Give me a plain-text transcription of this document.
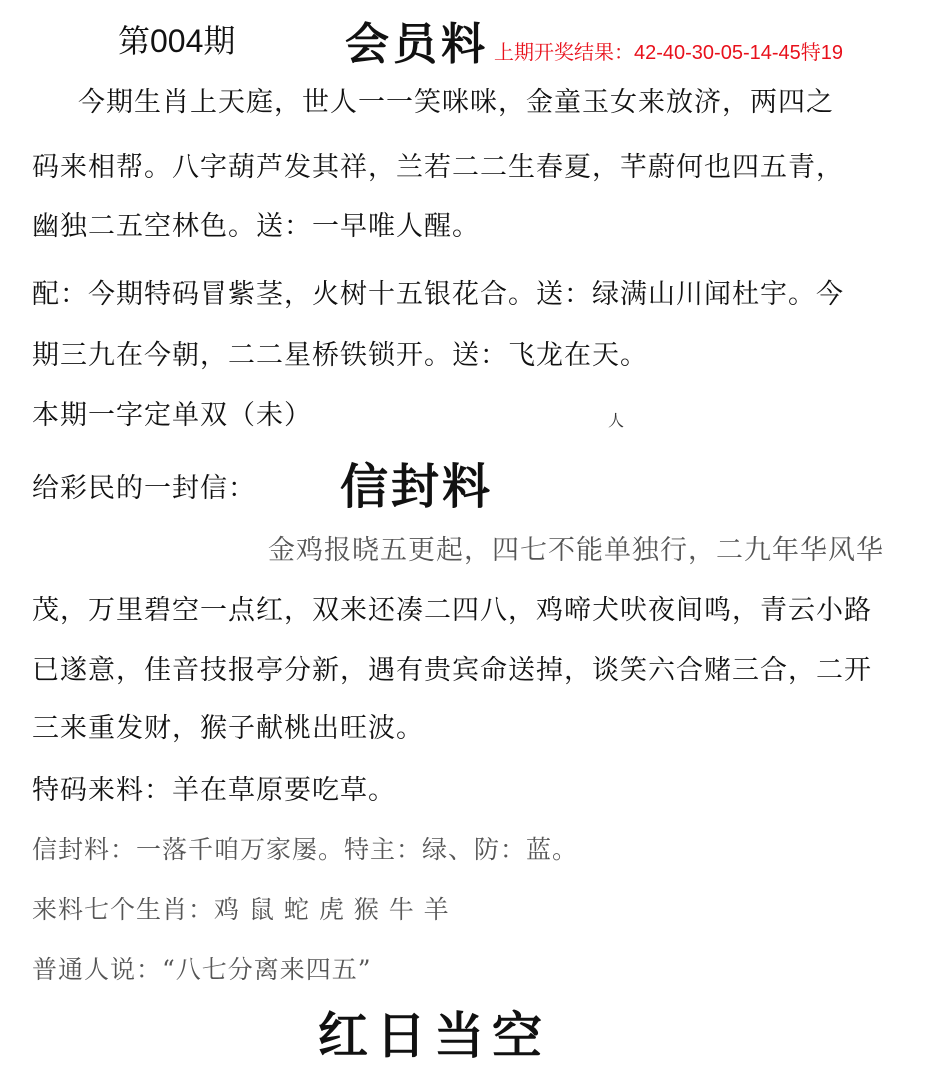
第004期 会员料 上期开奖结果：42-40-30-05-14-45特19
今期生肖上天庭，世人一一笑咪咪，金童玉女来放济，两四之
码来相帮。八字葫芦发其祥，兰若二二生春夏，芊蔚何也四五青，
幽独二五空林色。送：一早唯人醒。
配：今期特码冒紫茎，火树十五银花合。送：绿满山川闻杜宇。今
期三九在今朝，二二星桥铁锁开。送：飞龙在天。
本期一字定单双（未）	人
给彩民的一封信： 信封料
金鸡报晓五更起，四七不能单独行，二九年华风华
茂，万里碧空一点红，双来还凑二四八，鸡啼犬吠夜间鸣，青云小路
已遂意，佳音技报亭分新，遇有贵宾命送掉，谈笑六合赌三合，二开
三来重发财，猴子献桃出旺波。
特码来料：羊在草原要吃草。
信封料：一落千咱万家屡。特主：绿、防：蓝。
来料七个生肖：鸡 鼠 蛇 虎 猴 牛 羊
普通人说：“八七分离来四五”
红日当空
